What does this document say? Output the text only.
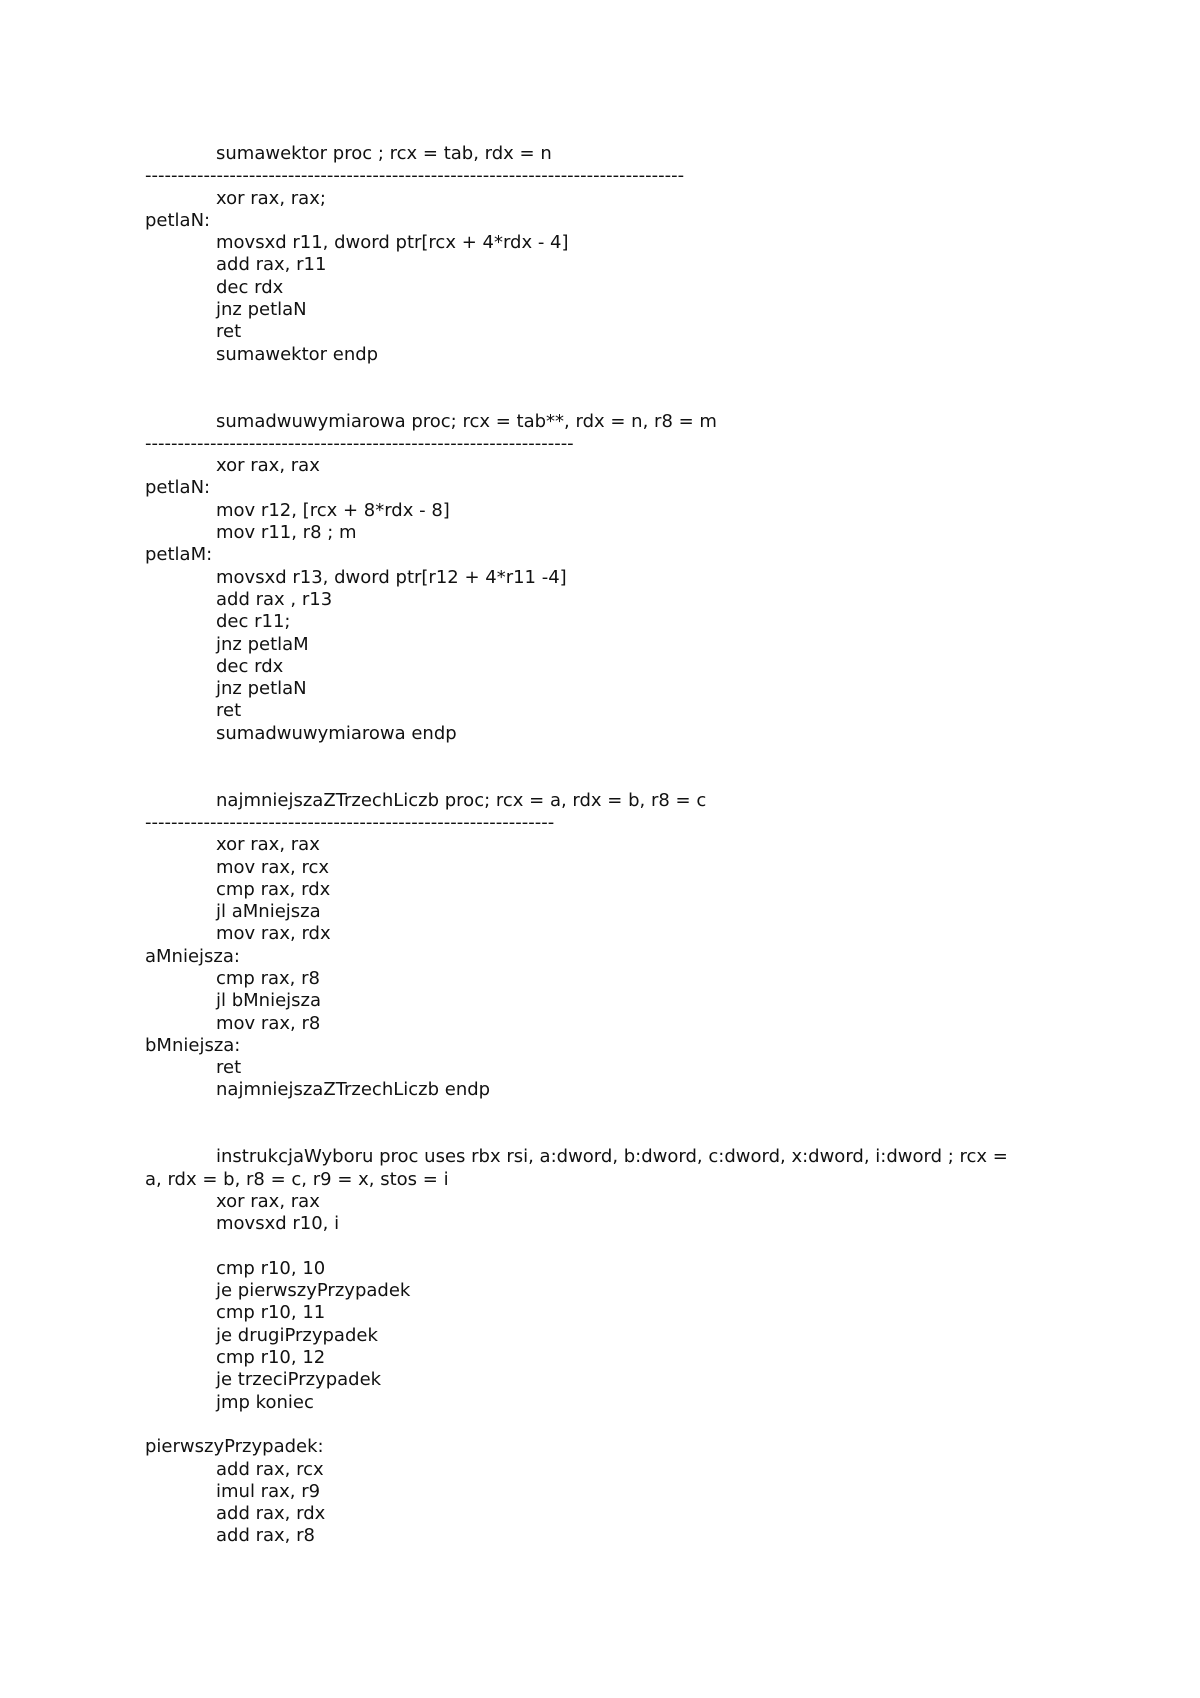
sumawektor proc ; rcx = tab, rdx = n
-----------------------------------------------------------------------------------
xor rax, rax;
petlaN:
movsxd r11, dword ptr[rcx + 4*rdx - 4]
add rax, r11
dec rdx
jnz petlaN
ret
sumawektor endp
sumadwuwymiarowa proc; rcx = tab**, rdx = n, r8 = m
------------------------------------------------------------------
xor rax, rax
petlaN:
mov r12, [rcx + 8*rdx - 8]
mov r11, r8 ; m
petlaM:
movsxd r13, dword ptr[r12 + 4*r11 -4]
add rax , r13
dec r11;
jnz petlaM
dec rdx
jnz petlaN
ret
sumadwuwymiarowa endp
najmniejszaZTrzechLiczb proc; rcx = a, rdx = b, r8 = c
---------------------------------------------------------------
xor rax, rax
mov rax, rcx
cmp rax, rdx
jl aMniejsza
mov rax, rdx
aMniejsza:
cmp rax, r8
jl bMniejsza
mov rax, r8
bMniejsza:
ret
najmniejszaZTrzechLiczb endp
instrukcjaWyboru proc uses rbx rsi, a:dword, b:dword, c:dword, x:dword, i:dword ; rcx =
a, rdx = b, r8 = c, r9 = x, stos = i
xor rax, rax
movsxd r10, i
cmp r10, 10
je pierwszyPrzypadek
cmp r10, 11
je drugiPrzypadek
cmp r10, 12
je trzeciPrzypadek
jmp koniec
pierwszyPrzypadek:
add rax, rcx
imul rax, r9
add rax, rdx
add rax, r8
